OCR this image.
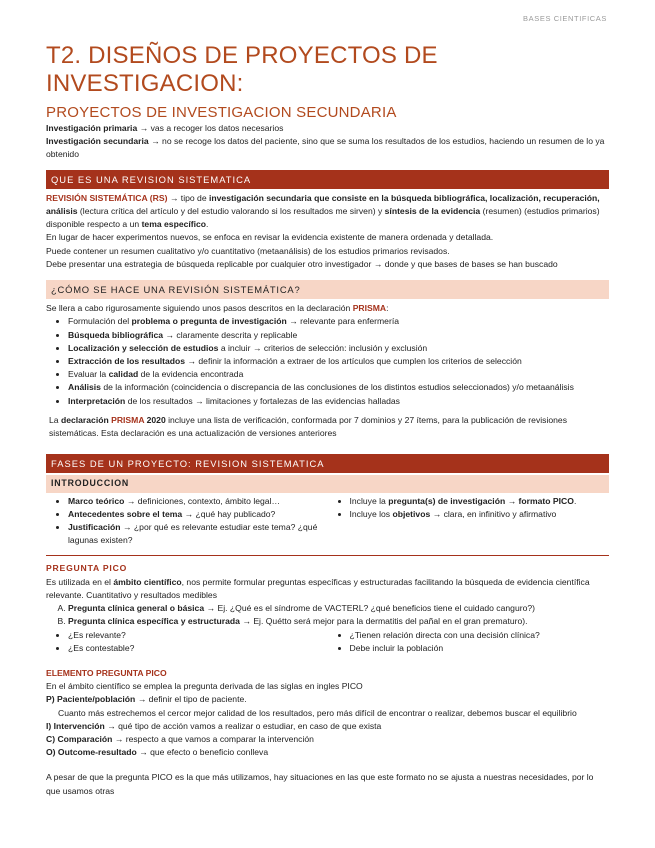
BASES CIENTIFICAS
T2. DISEÑOS DE PROYECTOS DE INVESTIGACION:
PROYECTOS DE INVESTIGACION SECUNDARIA

Investigación primaria → vas a recoger los datos necesarios

Investigación secundaria → no se recoge los datos del paciente, sino que se suma los resultados de los estudios, haciendo un resumen de lo ya obtenido

QUE ES UNA REVISION SISTEMATICA

REVISIÓN SISTEMÁTICA (RS) → tipo de investigación secundaria que consiste en la búsqueda bibliográfica, localización, recuperación, análisis (lectura crítica del artículo y del estudio valorando si los resultados me sirven) y síntesis de la evidencia (resumen) (estudios primarios) disponible respecto a un tema específico.

En lugar de hacer experimentos nuevos, se enfoca en revisar la evidencia existente de manera ordenada y detallada.

Puede contener un resumen cualitativo y/o cuantitativo (metaanálisis) de los estudios primarios revisados.

Debe presentar una estrategia de búsqueda replicable por cualquier otro investigador → donde y que bases de bases se han buscado

¿CÓMO SE HACE UNA REVISIÓN SISTEMÁTICA?

Se llera a cabo rigurosamente siguiendo unos pasos descritos en la declaración PRISMA:

• Formulación del problema o pregunta de investigación → relevante para enfermería
• Búsqueda bibliográfica → claramente descrita y replicable
• Localización y selección de estudios a incluir → criterios de selección: inclusión y exclusión
• Extracción de los resultados → definir la información a extraer de los artículos que cumplen los criterios de selección
• Evaluar la calidad de la evidencia encontrada
• Análisis de la información (coincidencia o discrepancia de las conclusiones de los distintos estudios seleccionados) y/o metaanálisis
• Interpretación de los resultados → limitaciones y fortalezas de las evidencias halladas

La declaración PRISMA 2020 incluye una lista de verificación, conformada por 7 dominios y 27 ítems, para la publicación de revisiones sistemáticas. Esta declaración es una actualización de versiones anteriores

FASES DE UN PROYECTO: REVISION SISTEMATICA
INTRODUCCION
• Marco teórico → definiciones, contexto, ámbito legal…
• Antecedentes sobre el tema → ¿qué hay publicado?
• Justificación → ¿por qué es relevante estudiar este tema? ¿qué lagunas existen?
• Incluye la pregunta(s) de investigación → formato PICO.
• Incluye los objetivos → clara, en infinitivo y afirmativo
PREGUNTA PICO

Es utilizada en el ámbito científico, nos permite formular preguntas específicas y estructuradas facilitando la búsqueda de evidencia científica relevante. Cuantitativo y resultados medibles

A. Pregunta clínica general o básica → Ej. ¿Qué es el síndrome de VACTERL? ¿qué beneficios tiene el cuidado canguro?)
B. Pregunta clínica específica y estructurada → Ej. Quétto será mejor para la dermatitis del pañal en el gran prematuro).
• ¿Es relevante?
• ¿Es contestable?
• ¿Tienen relación directa con una decisión clínica?
• Debe incluir la población
ELEMENTO PREGUNTA PICO

En el ámbito científico se emplea la pregunta derivada de las siglas en ingles PICO

P) Paciente/población → definir el tipo de paciente.

Cuanto más estrechemos el cercor mejor calidad de los resultados, pero más difícil de encontrar o realizar, debemos buscar el equilibrio

I) Intervención → qué tipo de acción vamos a realizar o estudiar, en caso de que exista

C) Comparación → respecto a que vamos a comparar la intervención

O) Outcome-resultado → que efecto o beneficio conlleva

A pesar de que la pregunta PICO es la que más utilizamos, hay situaciones en las que este formato no se ajusta a nuestras necesidades, por lo que usamos otras
